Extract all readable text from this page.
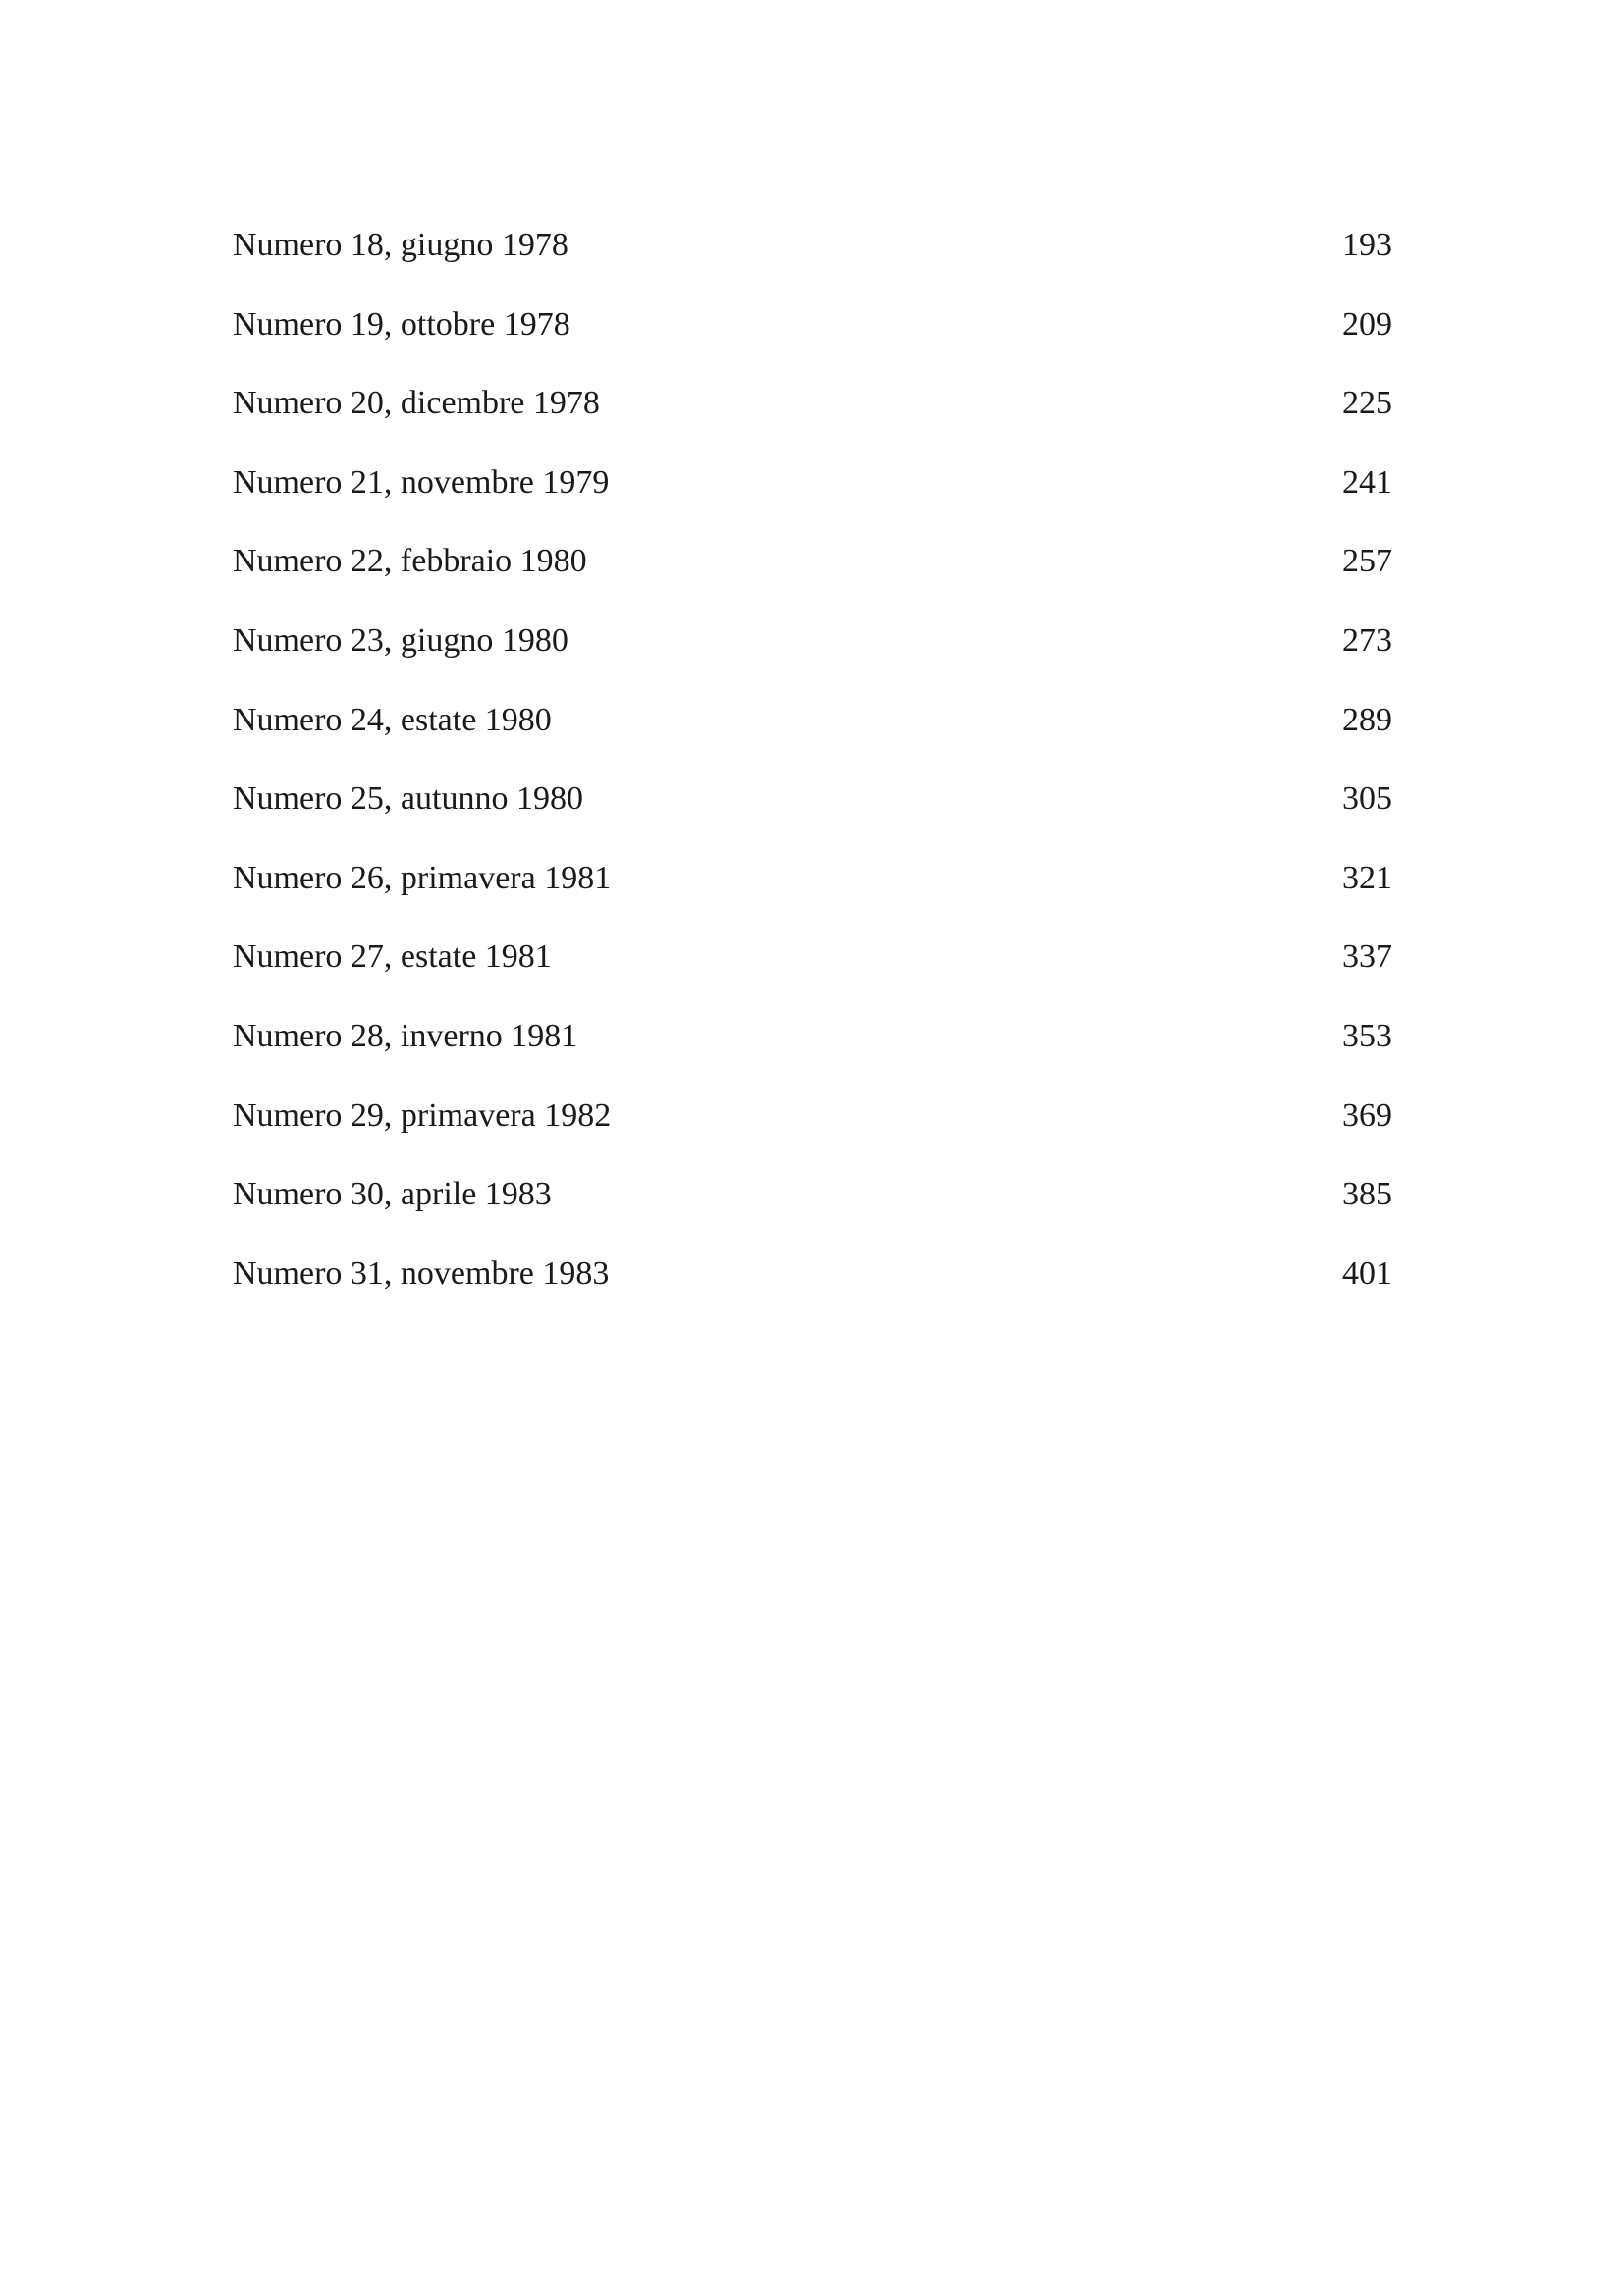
Numero 18, giugno 1978	193
Numero 19, ottobre 1978	209
Numero 20, dicembre 1978	225
Numero 21, novembre 1979	241
Numero 22, febbraio 1980	257
Numero 23, giugno 1980	273
Numero 24, estate 1980	289
Numero 25, autunno 1980	305
Numero 26, primavera 1981	321
Numero 27, estate 1981	337
Numero 28, inverno 1981	353
Numero 29, primavera 1982	369
Numero 30, aprile 1983	385
Numero 31, novembre 1983	401
